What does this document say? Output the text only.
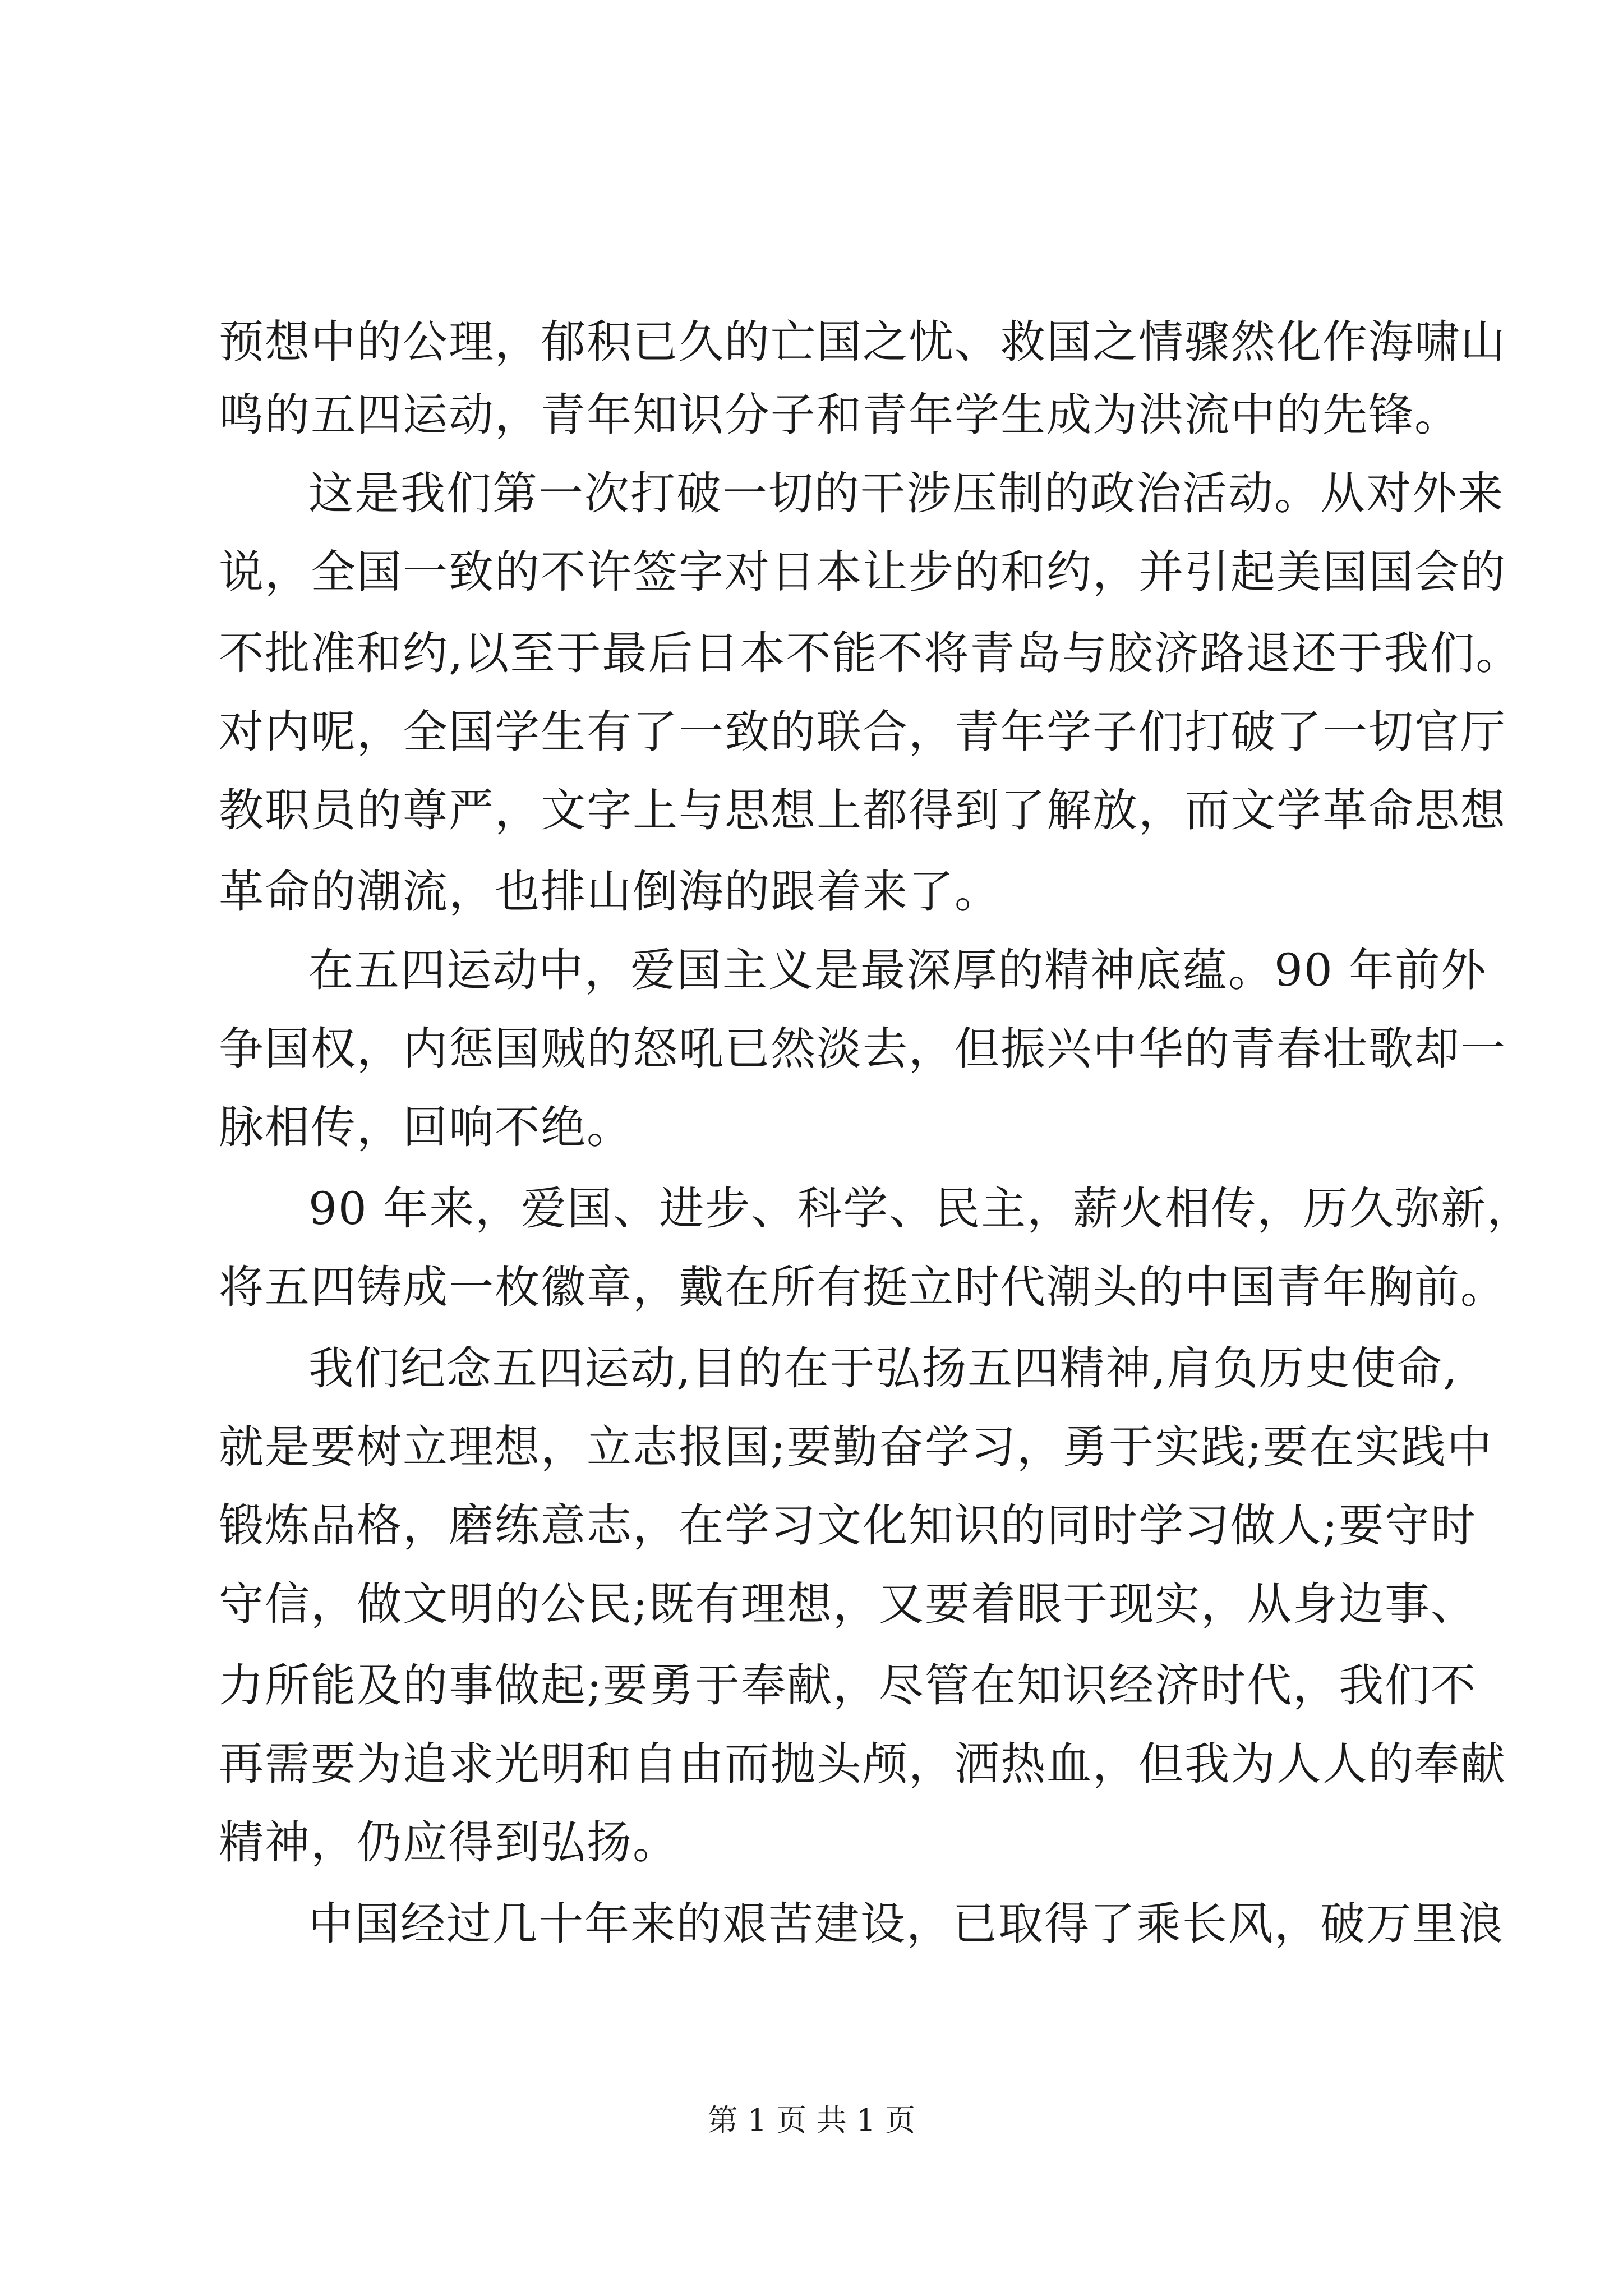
预想中的公理，郁积已久的亡国之忧、救国之情骤然化作海啸山
鸣的五四运动，青年知识分子和青年学生成为洪流中的先锋。
这是我们第一次打破一切的干涉压制的政治活动。从对外来
说，全国一致的不许签字对日本让步的和约，并引起美国国会的
不批准和约,以至于最后日本不能不将青岛与胶济路退还于我们。
对内呢，全国学生有了一致的联合，青年学子们打破了一切官厅
教职员的尊严，文字上与思想上都得到了解放，而文学革命思想
革命的潮流，也排山倒海的跟着来了。
在五四运动中，爱国主义是最深厚的精神底蕴。90 年前外
争国权，内惩国贼的怒吼已然淡去，但振兴中华的青春壮歌却一
脉相传，回响不绝。
90 年来，爱国、进步、科学、民主，薪火相传，历久弥新，
将五四铸成一枚徽章，戴在所有挺立时代潮头的中国青年胸前。
我们纪念五四运动,目的在于弘扬五四精神,肩负历史使命,
就是要树立理想，立志报国;要勤奋学习，勇于实践;要在实践中
锻炼品格，磨练意志，在学习文化知识的同时学习做人;要守时
守信，做文明的公民;既有理想，又要着眼于现实，从身边事、
力所能及的事做起;要勇于奉献，尽管在知识经济时代，我们不
再需要为追求光明和自由而抛头颅，洒热血，但我为人人的奉献
精神，仍应得到弘扬。
中国经过几十年来的艰苦建设，已取得了乘长风，破万里浪
第 1 页 共 1 页
